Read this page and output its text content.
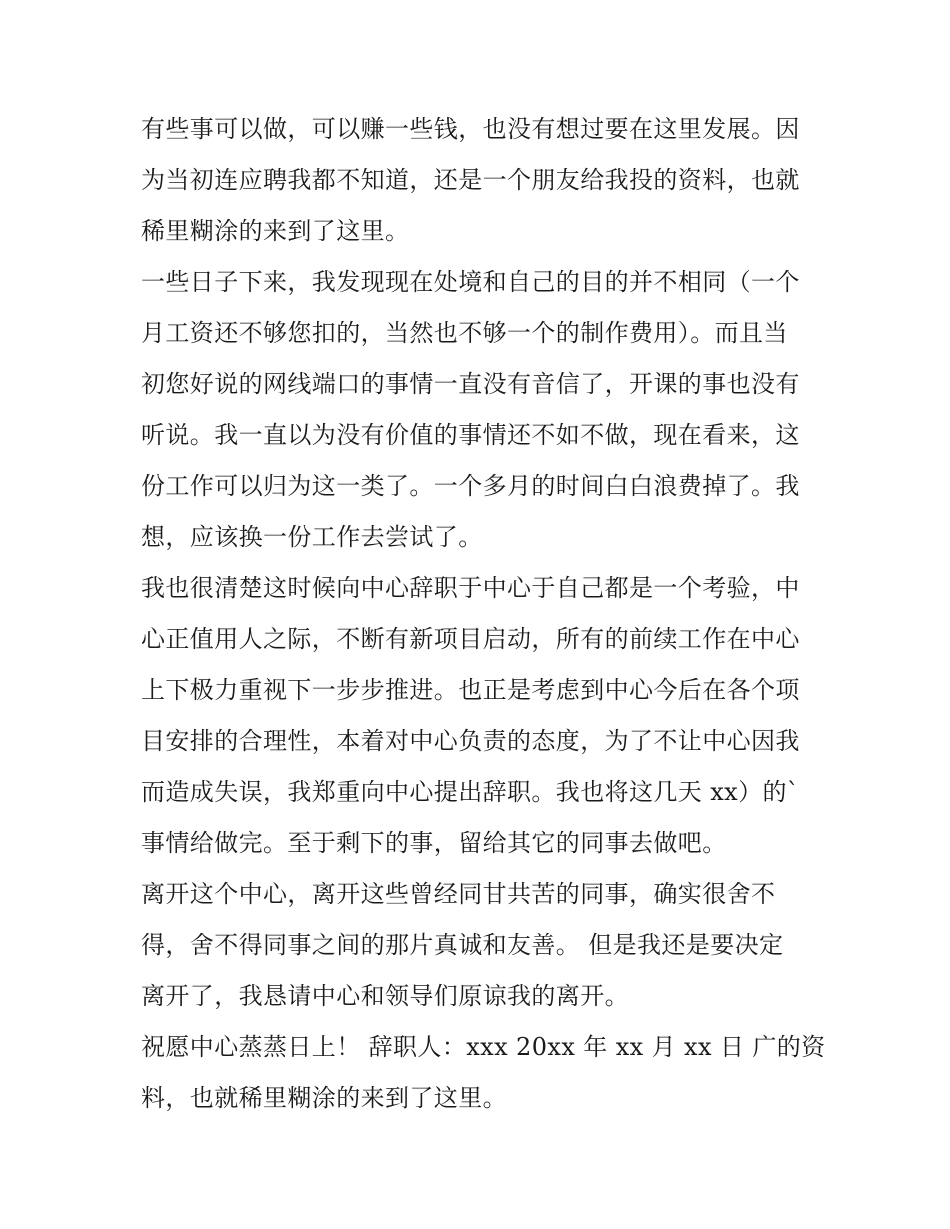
有些事可以做，可以赚一些钱，也没有想过要在这里发展。因
为当初连应聘我都不知道，还是一个朋友给我投的资料，也就
稀里糊涂的来到了这里。
一些日子下来，我发现现在处境和自己的目的并不相同（一个
月工资还不够您扣的，当然也不够一个的制作费用）。而且当
初您好说的网线端口的事情一直没有音信了，开课的事也没有
听说。我一直以为没有价值的事情还不如不做，现在看来，这
份工作可以归为这一类了。一个多月的时间白白浪费掉了。我
想，应该换一份工作去尝试了。
我也很清楚这时候向中心辞职于中心于自己都是一个考验，中
心正值用人之际，不断有新项目启动，所有的前续工作在中心
上下极力重视下一步步推进。也正是考虑到中心今后在各个项
目安排的合理性，本着对中心负责的态度，为了不让中心因我
而造成失误，我郑重向中心提出辞职。我也将这几天 xx）的`
事情给做完。至于剩下的事，留给其它的同事去做吧。
离开这个中心，离开这些曾经同甘共苦的同事，确实很舍不
得，舍不得同事之间的那片真诚和友善。 但是我还是要决定
离开了，我恳请中心和领导们原谅我的离开。
祝愿中心蒸蒸日上！ 辞职人：xxx 20xx 年 xx 月 xx 日 广的资
料，也就稀里糊涂的来到了这里。
